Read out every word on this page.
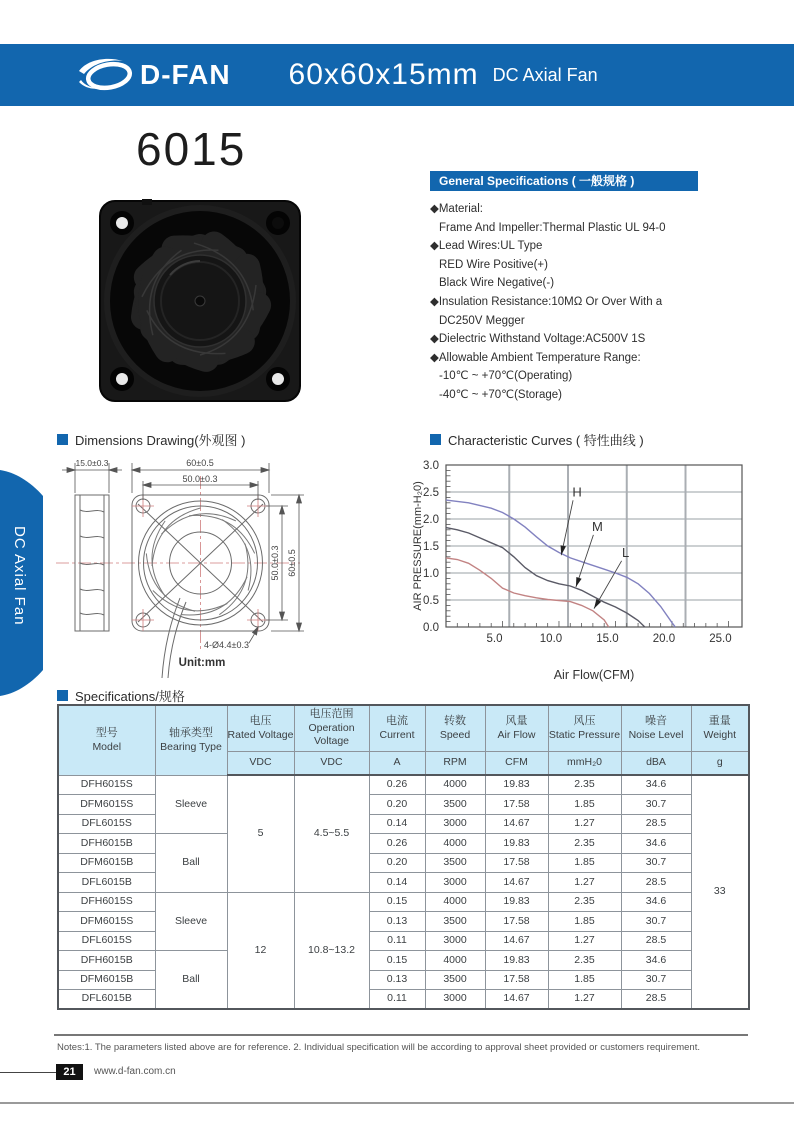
D-FAN 60x60x15mm DC Axial Fan
6015
General Specifications ( 一般规格 )
◆Material:
Frame And Impeller:Thermal Plastic UL 94-0
◆Lead Wires:UL Type
RED Wire Positive(+)
Black Wire Negative(-)
◆Insulation Resistance:10MΩ Or Over With a
DC250V Megger
◆Dielectric Withstand Voltage:AC500V 1S
◆Allowable Ambient Temperature Range:
-10℃ ~ +70℃(Operating)
-40℃ ~ +70℃(Storage)
Dimensions Drawing(外观图 )	Characteristic Curves ( 特性曲线 )
15.0±0.3	60±0.5
50.0±0.3
50.0±0.3 60±0.5
4-Ø4.4±0.3
Unit:mm
0.0
0.5
1.0
1.5
2.0
2.5
3.0
5.0	10.0	15.0	20.0	25.0
H
M
L
Air Flow(CFM)
AIR PRESSURE(mm-H₂0)
DC Axial Fan
Specifications/规格
型号
Model

轴承类型
Bearing Type

电压
Rated Voltage

电压范围
Operation Voltage

电流
Current

转数
Speed

风量
Air Flow

风压
Static Pressure

噪音
Noise Level

重量
Weight

		VDC	VDC	A	RPM	CFM	mmH₂0	dBA	g
DFH6015S	Sleeve	5	4.5~5.5	0.26	4000	19.83	2.35	34.6	33
DFM6015S				0.20	3500	17.58	1.85	30.7	
DFL6015S				0.14	3000	14.67	1.27	28.5	
DFH6015B	Ball			0.26	4000	19.83	2.35	34.6	
DFM6015B				0.20	3500	17.58	1.85	30.7	
DFL6015B				0.14	3000	14.67	1.27	28.5	
DFH6015S	Sleeve	12	10.8~13.2	0.15	4000	19.83	2.35	34.6	
DFM6015S				0.13	3500	17.58	1.85	30.7	
DFL6015S				0.11	3000	14.67	1.27	28.5	
DFH6015B	Ball			0.15	4000	19.83	2.35	34.6	
DFM6015B				0.13	3500	17.58	1.85	30.7	
DFL6015B				0.11	3000	14.67	1.27	28.5	
Notes:1. The parameters listed above are for reference. 2. Individual specification will be according to approval sheet provided or customers requirement.
21	www.d-fan.com.cn
